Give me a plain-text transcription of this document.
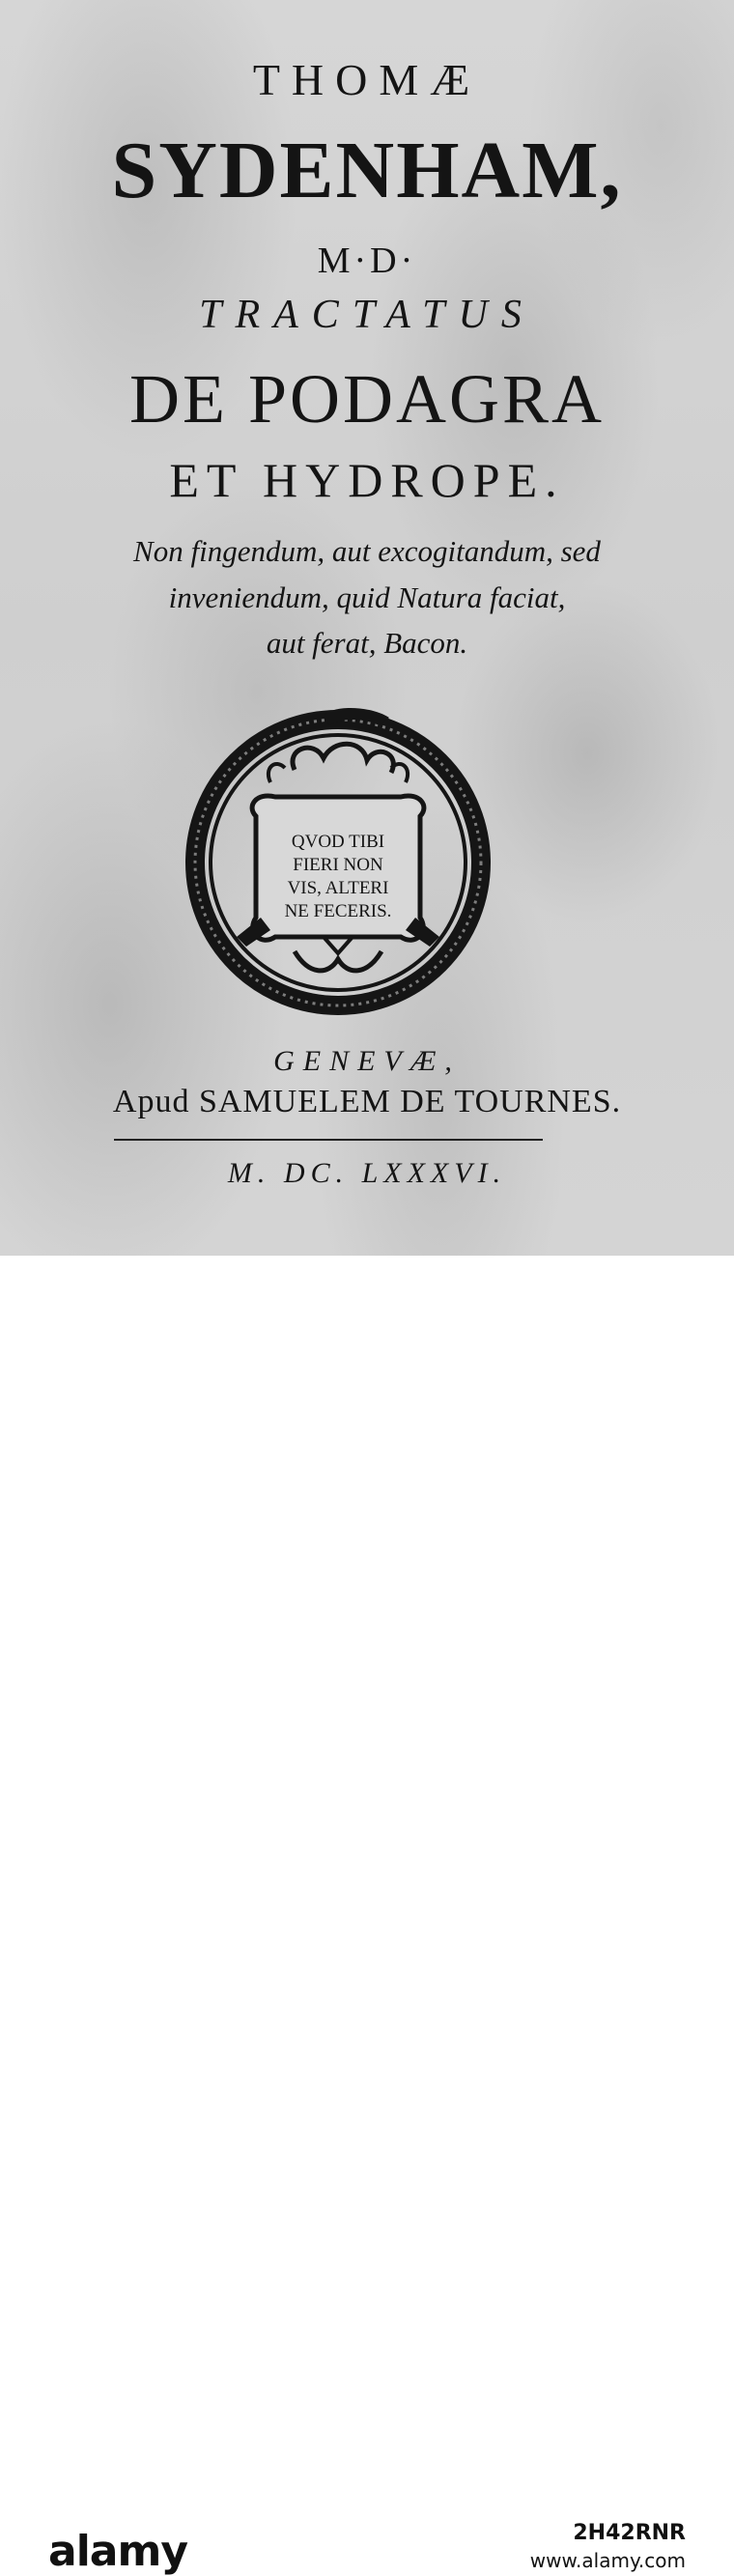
THOMÆ
SYDENHAM,
M·D·
TRACTATUS
DE PODAGRA
ET HYDROPE.
Non fingendum, aut excogitandum, sed
inveniendum, quid Natura faciat,
aut ferat, Bacon.
QVOD TIBI
FIERI NON
VIS, ALTERI
NE FECERIS.
GENEVÆ,
Apud SAMUELEM DE TOURNES.
M. DC. LXXXVI.
alamy	2H42RNR
www.alamy.com
